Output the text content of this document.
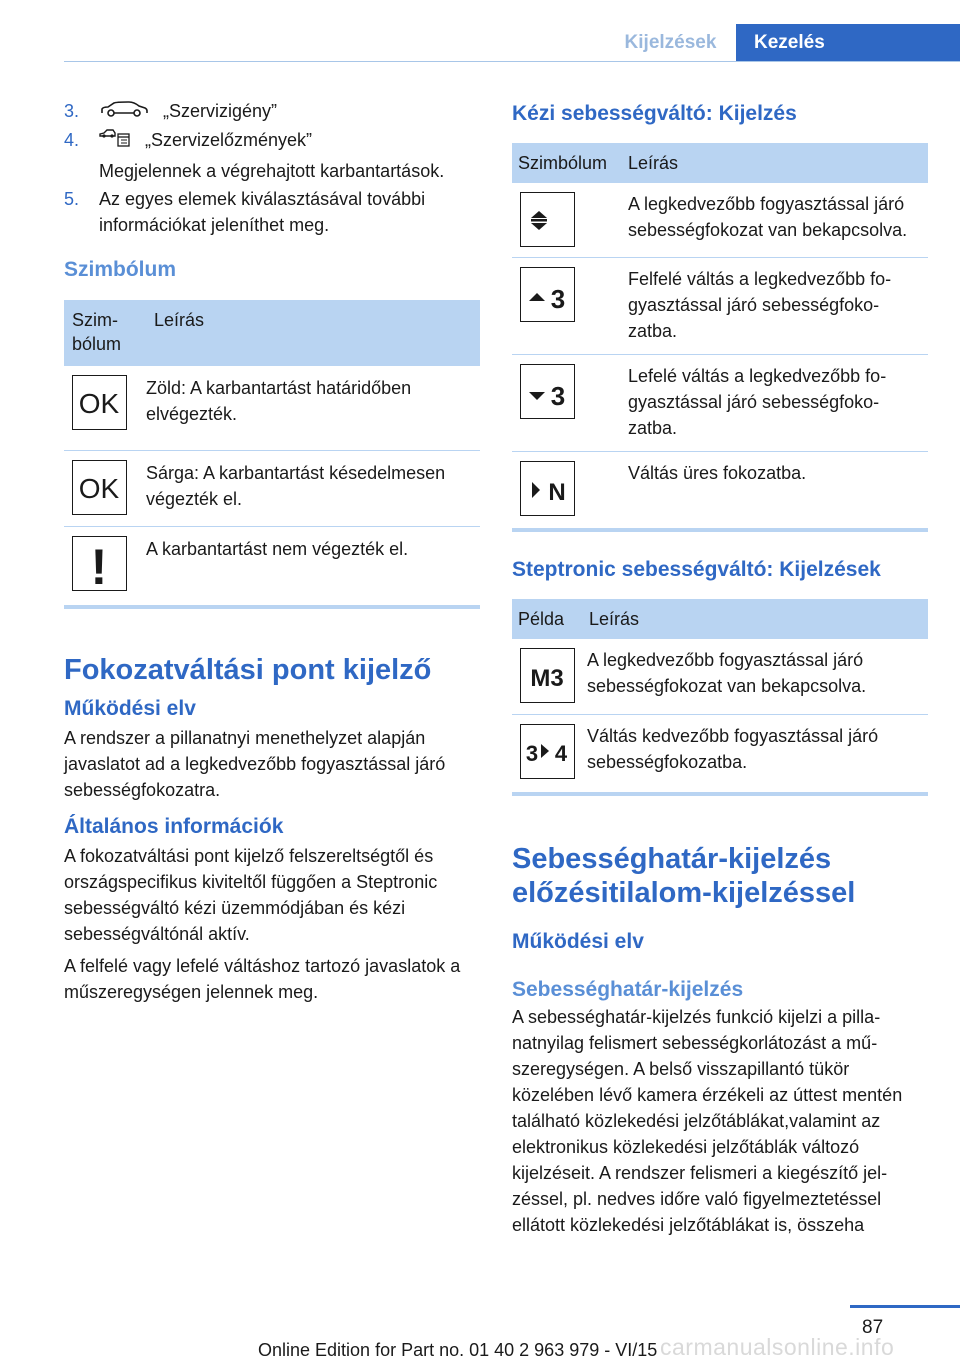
Kijelzések	Kezelés
3.	„Szervizigény”
4.	„Szervizelőzmények”
Megjelennek a végrehajtott karbantartások.
5. Az egyes elemek kiválasztásával további információkat jeleníthet meg.
Szimbólum
Szimbólum	Leírás

OK	Zöld: A karbantartást határidőben elvégezték.

OK	Sárga: A karbantartást késedelmesen végezték el.

!	A karbantartást nem végezték el.
Fokozatváltási pont kijelző
Működési elv
A rendszer a pillanatnyi menethelyzet alapján javaslatot ad a legkedvezőbb fogyasztással járó sebességfokozatra.
Általános információk
A fokozatváltási pont kijelző felszereltségtől és országspecifikus kiviteltől függően a Steptronic sebességváltó kézi üzemmódjában és kézi sebességváltónál aktív.
A felfelé vagy lefelé váltáshoz tartozó javaslatok a műszeregységen jelennek meg.
Kézi sebességváltó: Kijelzés
Szimbólum	Leírás

	A legkedvezőbb fogyasztással járó sebességfokozat van bekapcsolva.

3	Felfelé váltás a legkedvezőbb fogyasztással járó sebességfokozatba.

3	Lefelé váltás a legkedvezőbb fogyasztással járó sebességfokozatba.

N	Váltás üres fokozatba.
Steptronic sebességváltó: Kijelzések
Példa	Leírás

M3	A legkedvezőbb fogyasztással járó sebességfokozat van bekapcsolva.

3 4	Váltás kedvezőbb fogyasztással járó sebességfokozatba.
Sebességhatár-kijelzés előzésitilalom-kijelzéssel
Működési elv
Sebességhatár-kijelzés
A sebességhatár-kijelzés funkció kijelzi a pillanatnyilag felismert sebességkorlátozást a műszeregységen. A belső visszapillantó tükör közelében lévő kamera érzékeli az úttest mentén található közlekedési jelzőtáblákat,valamint az elektronikus közlekedési jelzőtáblák változó kijelzéseit. A rendszer felismeri a kiegészítő jelzéssel, pl. nedves időre való figyelmeztetéssel ellátott közlekedési jelzőtáblákat is, összeha
87
carmanualsonline.info
Online Edition for Part no. 01 40 2 963 979 - VI/15
